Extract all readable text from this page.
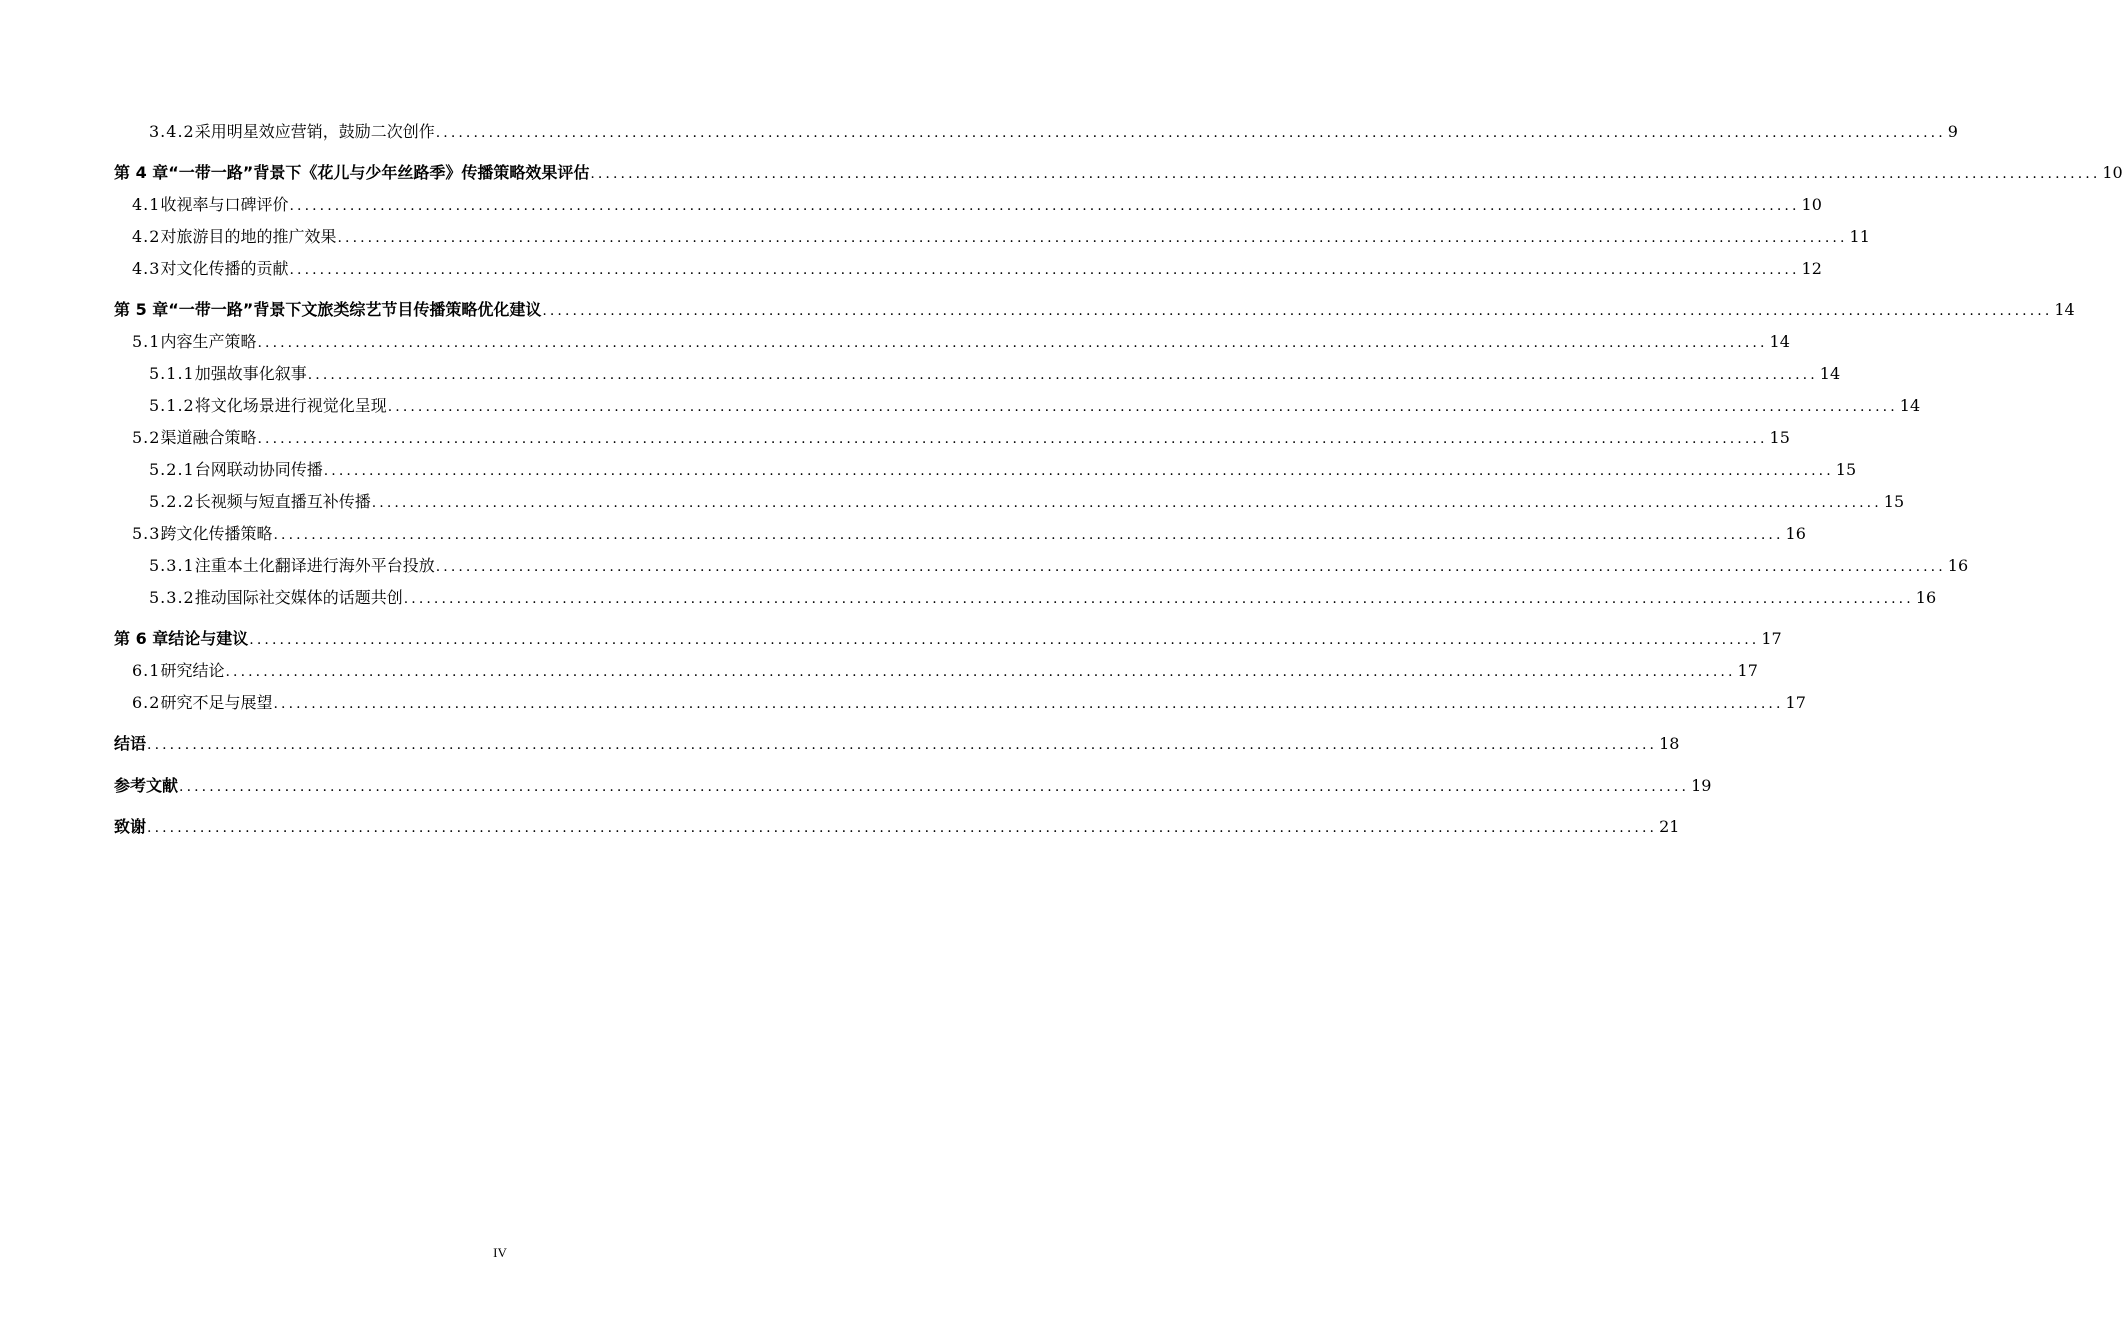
3.4.2 采用明星效应营销，鼓励二次创作 ........................................................................................................................................................................................................ 9
第 4 章 “一带一路”背景下《花儿与少年丝路季》传播策略效果评估 ........................................................................................................................................................................................................ 10
4.1 收视率与口碑评价 ........................................................................................................................................................................................................ 10
4.2 对旅游目的地的推广效果 ........................................................................................................................................................................................................ 11
4.3 对文化传播的贡献 ........................................................................................................................................................................................................ 12
第 5 章 “一带一路”背景下文旅类综艺节目传播策略优化建议 ........................................................................................................................................................................................................ 14
5.1 内容生产策略 ........................................................................................................................................................................................................ 14
5.1.1 加强故事化叙事 ........................................................................................................................................................................................................ 14
5.1.2 将文化场景进行视觉化呈现 ........................................................................................................................................................................................................ 14
5.2 渠道融合策略 ........................................................................................................................................................................................................ 15
5.2.1 台网联动协同传播 ........................................................................................................................................................................................................ 15
5.2.2 长视频与短直播互补传播 ........................................................................................................................................................................................................ 15
5.3 跨文化传播策略 ........................................................................................................................................................................................................ 16
5.3.1 注重本土化翻译进行海外平台投放 ........................................................................................................................................................................................................ 16
5.3.2 推动国际社交媒体的话题共创 ........................................................................................................................................................................................................ 16
第 6 章 结论与建议 ........................................................................................................................................................................................................ 17
6.1 研究结论 ........................................................................................................................................................................................................ 17
6.2 研究不足与展望 ........................................................................................................................................................................................................ 17
结语 ........................................................................................................................................................................................................ 18
参考文献 ........................................................................................................................................................................................................ 19
致谢 ........................................................................................................................................................................................................ 21
IV
